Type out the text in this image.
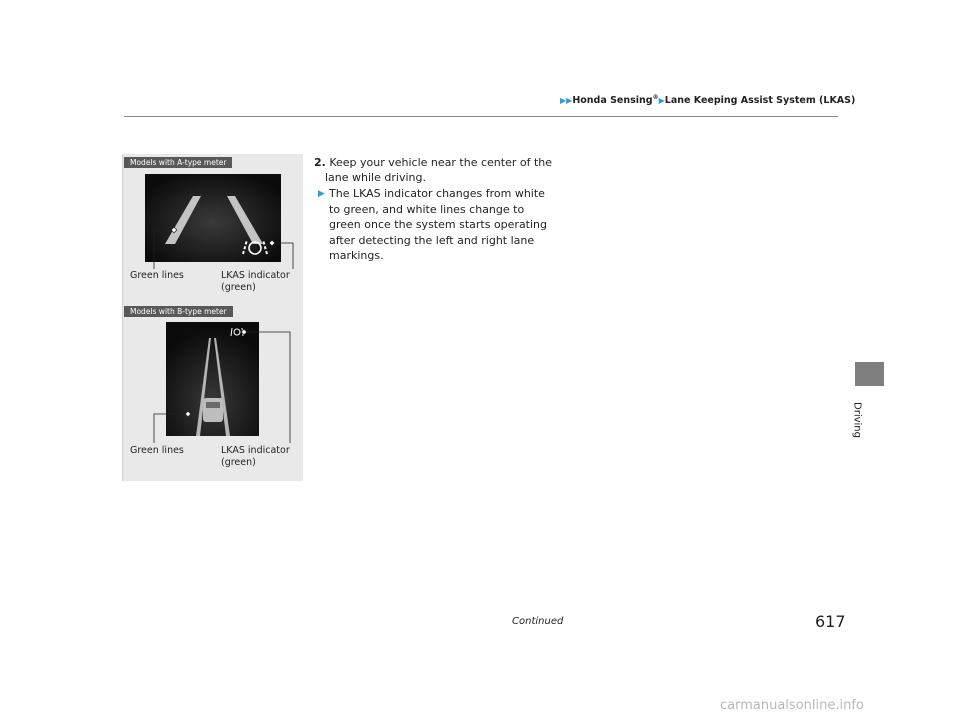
▶▶Honda Sensing®▶Lane Keeping Assist System (LKAS)
Models with A-type meter
Green lines	LKAS indicator
(green)
Models with B-type meter
Green lines	LKAS indicator
(green)
2. Keep your vehicle near the center of the
lane while driving.
▶ The LKAS indicator changes from white
to green, and white lines change to
green once the system starts operating
after detecting the left and right lane
markings.
Driving
Continued	617
carmanualsonline.info
